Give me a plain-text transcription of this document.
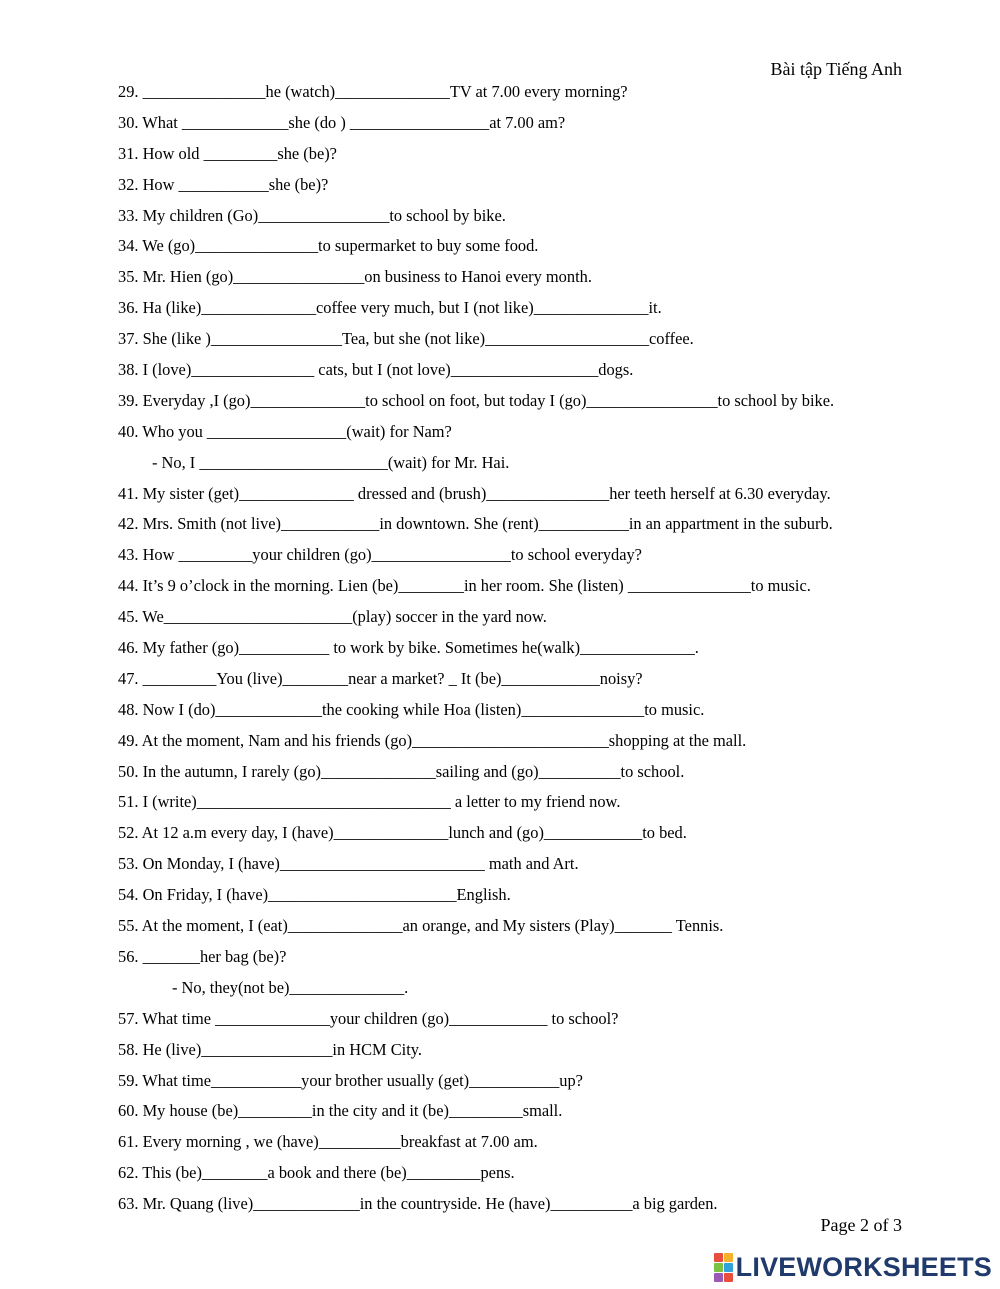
Bài tập Tiếng Anh
29. _______________he (watch)______________TV at 7.00 every morning?
30. What _____________she (do ) _________________at 7.00 am?
31. How old _________she (be)?
32. How ___________she (be)?
33. My children (Go)________________to school by bike.
34. We (go)_______________to supermarket to buy some food.
35. Mr. Hien (go)________________on business to Hanoi every month.
36. Ha (like)______________coffee very much, but I (not like)______________it.
37. She (like )________________Tea, but she (not like)____________________coffee.
38. I (love)_______________ cats, but I (not love)__________________dogs.
39. Everyday ,I (go)______________to school on foot, but today I (go)________________to school by bike.
40. Who you _________________(wait) for Nam?
- No, I _______________________(wait) for Mr. Hai.
41. My sister (get)______________ dressed and (brush)_______________her teeth herself at 6.30 everyday.
42. Mrs. Smith (not live)____________in downtown. She (rent)___________in an appartment in the suburb.
43. How _________your children (go)_________________to school everyday?
44. It’s 9 o’clock in the morning. Lien (be)________in her room. She (listen) _______________to music.
45. We_______________________(play) soccer in the yard now.
46. My father (go)___________ to work by bike. Sometimes he(walk)______________.
47. _________You (live)________near a market? _ It (be)____________noisy?
48. Now I (do)_____________the cooking while Hoa (listen)_______________to music.
49. At the moment, Nam and his friends (go)________________________shopping at the mall.
50. In the autumn, I rarely (go)______________sailing and (go)__________to school.
51. I (write)_______________________________ a letter to my friend now.
52. At 12 a.m every day, I (have)______________lunch and (go)____________to bed.
53. On Monday, I (have)_________________________ math and Art.
54. On Friday, I (have)_______________________English.
55. At the moment, I (eat)______________an orange, and My sisters (Play)_______ Tennis.
56. _______her bag (be)?
- No, they(not be)______________.
57. What time ______________your children (go)____________ to school?
58. He (live)________________in HCM City.
59. What time___________your brother usually (get)___________up?
60. My house (be)_________in the city and it (be)_________small.
61. Every morning , we (have)__________breakfast at 7.00 am.
62. This (be)________a book and there (be)_________pens.
63. Mr. Quang (live)_____________in the countryside. He (have)__________a big garden.
Page 2 of 3
LIVEWORKSHEETS
